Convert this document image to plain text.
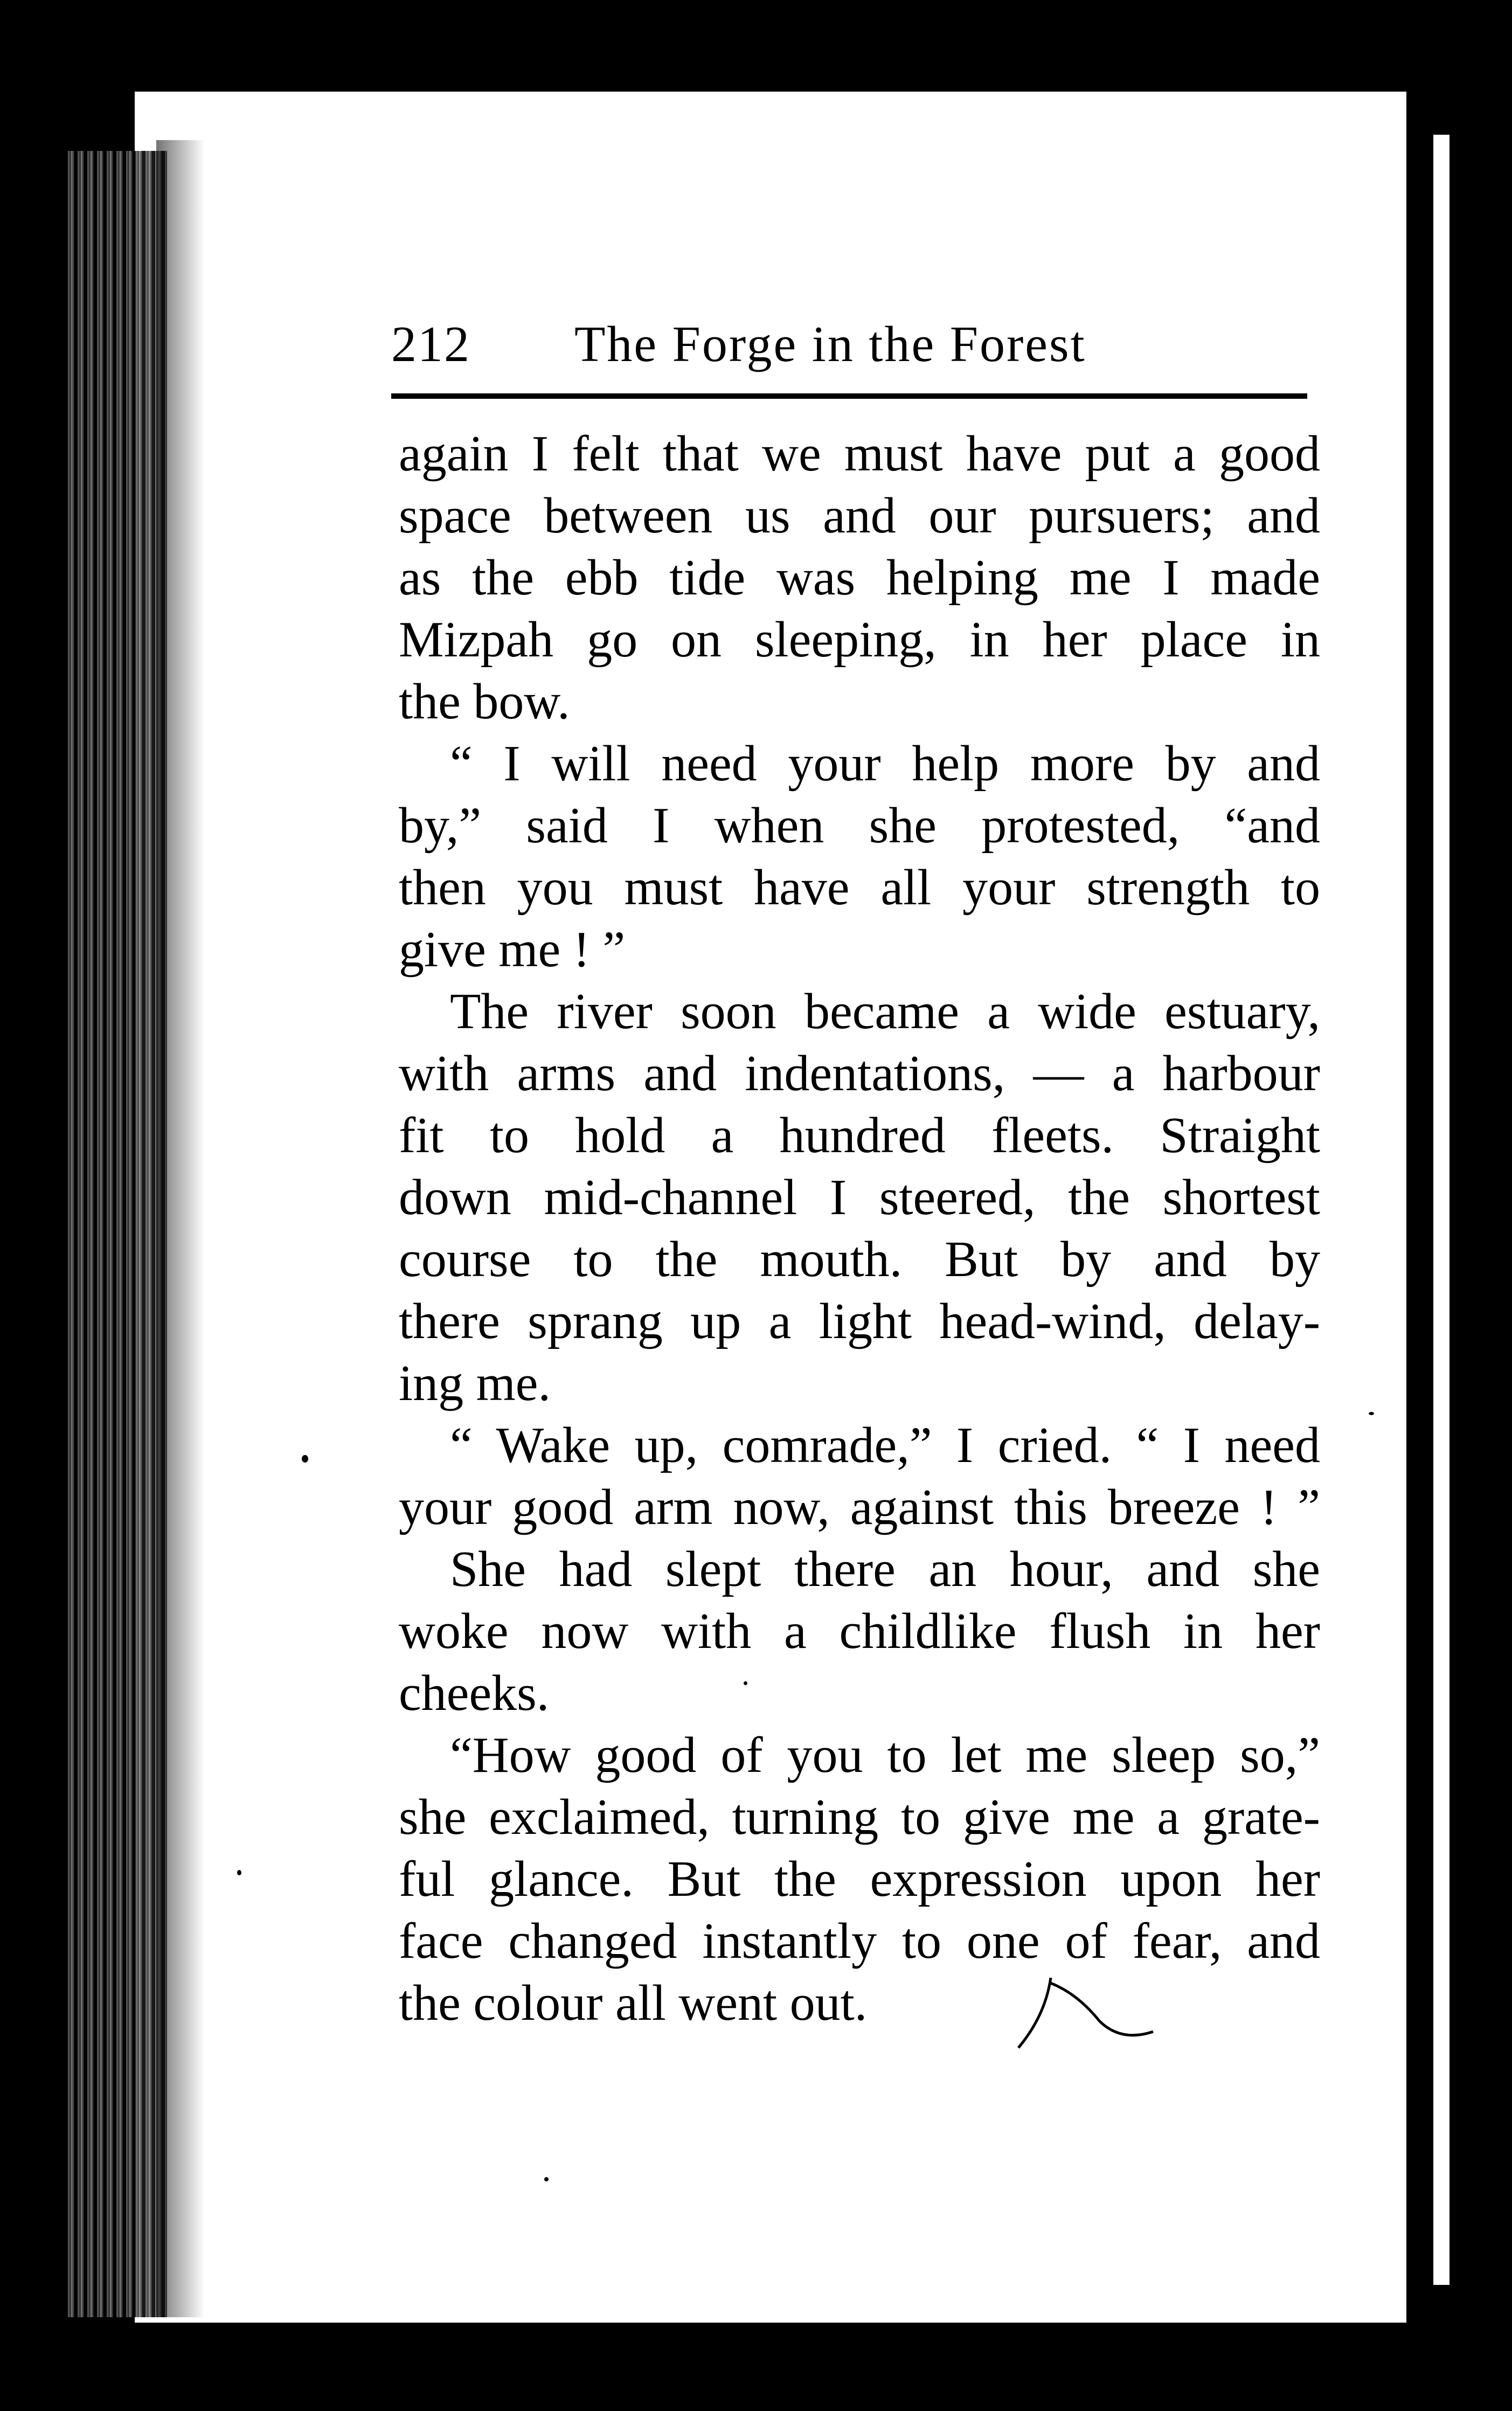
212 The Forge in the Forest
again I felt that we must have put a good
space between us and our pursuers; and
as the ebb tide was helping me I made
Mizpah go on sleeping, in her place in
the bow.
“ I will need your help more by and
by,” said I when she protested, “and
then you must have all your strength to
give me ! ”
The river soon became a wide estuary,
with arms and indentations, — a harbour
fit to hold a hundred fleets. Straight
down mid-channel I steered, the shortest
course to the mouth. But by and by
there sprang up a light head-wind, delay-
ing me.
“ Wake up, comrade,” I cried. “ I need
your good arm now, against this breeze ! ”
She had slept there an hour, and she
woke now with a childlike flush in her
cheeks.
“How good of you to let me sleep so,”
she exclaimed, turning to give me a grate-
ful glance. But the expression upon her
face changed instantly to one of fear, and
the colour all went out.
